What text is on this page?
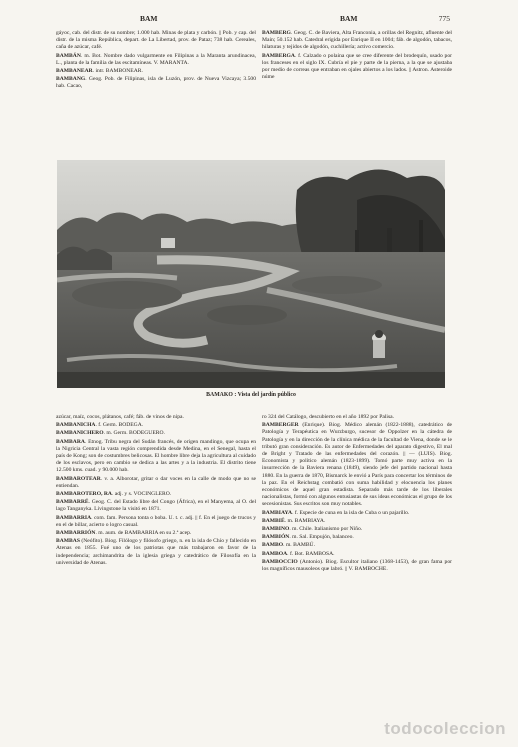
BAM	BAM	775
gáyoc, cab. del distr. de su nombre; 1.000 hab. Minas de plata y carbón. || Pob. y cap. del distr. de la misma República, depart. de La Libertad, prov. de Pataz; 738 hab. Cereales, caña de azúcar, café.
BAMBÁN. m. Bot. Nombre dado vulgarmente en Filipinas a la Maranta arundinacea, L., planta de la familia de las escitamíneas. V. MARANTA.
BAMBANEAR. intr. BAMBONEAR.
BAMBANG. Geog. Pob. de Filipinas, isla de Luzón, prov. de Nueva Vizcaya; 3.500 hab. Cacao,
BAMBERG. Geog. C. de Baviera, Alta Franconia, a orillas del Regnitz, afluente del Main; 50.152 hab. Catedral erigida por Enrique II en 1004; fáb. de algodón, tabacos, hilaturas y tejidos de algodón, cuchillería; activo comercio.
BAMBERGA. f. Calzado o polaina que se cree diferente del brodequín, usado por los franceses en el siglo IX. Cubría el pie y parte de la pierna, a la que se ajustaba por medio de correas que entraban en ojales abiertos a los lados. || Astron. Asteroide núme
BAMAKO : Vista del jardín público
azúcar, maíz, cocos, plátanos, café; fáb. de vinos de nipa.
BAMBANICHA. f. Germ. BODEGA.
BAMBANICHERO. m. Germ. BODEGUERO.
BAMBARA. Etnog. Tribu negra del Sudán francés, de origen mandingo, que ocupa en la Nigricia Central la vasta región comprendida desde Medina, en el Senegal, hasta el país de Kong; son de costumbres belicosas. El hombre libre deja la agricultura al cuidado de los esclavos, pero en cambio se dedica a las artes y a la industria. El distrito tiene 12.500 kms. cuad. y 90.000 hab.
BAMBAROTEAR. v. a. Alborotar, gritar o dar voces en la calle de modo que no se entiendan.
BAMBAROTERO, RA. adj. y s. VOCINGLERO.
BAMBARRÉ. Geog. C. del Estado libre del Congo (África), en el Manyema, al O. del lago Tanganyka. Livingstone la visitó en 1871.
BAMBARRIA. com. fam. Persona tonta o boba. U. t. c. adj. || f. En el juego de trucos y en el de billar, acierto o logro casual.
BAMBARRIÓN. m. aum. de BAMBARRIA en su 2.ª acep.
BAMBAS (Neófito). Biog. Filólogo y filósofo griego, n. en la isla de Chío y fallecido en Atenas en 1855. Fué uno de los patriotas que más trabajaron en favor de la independencia; archimandrita de la iglesia griega y catedrático de Filosofía en la universidad de Atenas.
ro 324 del Catálogo, descubierto en el año 1892 por Palisa.
BAMBERGER (Enrique). Biog. Médico alemán (1822-1888), catedrático de Patología y Terapéutica en Wurzburgo, sucesor de Oppolzer en la cátedra de Patología y en la dirección de la clínica médica de la facultad de Viena, donde se le tributó gran consideración. Es autor de Enfermedades del aparato digestivo, El mal de Bright y Tratado de las enfermedades del corazón. || — (LUIS). Biog. Economista y político alemán (1823-1899). Tomó parte muy activa en la insurrección de la Baviera renana (1849), siendo jefe del partido nacional hasta 1880. En la guerra de 1870, Bismarck le envió a París para concertar los términos de la paz. En el Reichstag combatió con suma habilidad y elocuencia los planes económicos de aquel gran estadista. Separado más tarde de los liberales nacionalistas, formó con algunos entusiastas de sus ideas económicas el grupo de los secesionistas. Sus escritos son muy notables.
BAMBIAYA. f. Especie de cuna en la isla de Cuba o un pajarillo.
BAMBIÉ. m. BAMBIAYA.
BAMBINO. m. Chile. Italianismo por Niño.
BAMBIÓN. m. Sal. Empujón, balanceo.
BAMBO. m. BAMBÚ.
BAMBOA. f. Bot. BAMBOSA.
BAMBOCCIO (Antonio). Biog. Escultor italiano (1368-1453), de gran fama por los magníficos mausoleos que labró. || V. BAMBOCHE.
todocoleccion
